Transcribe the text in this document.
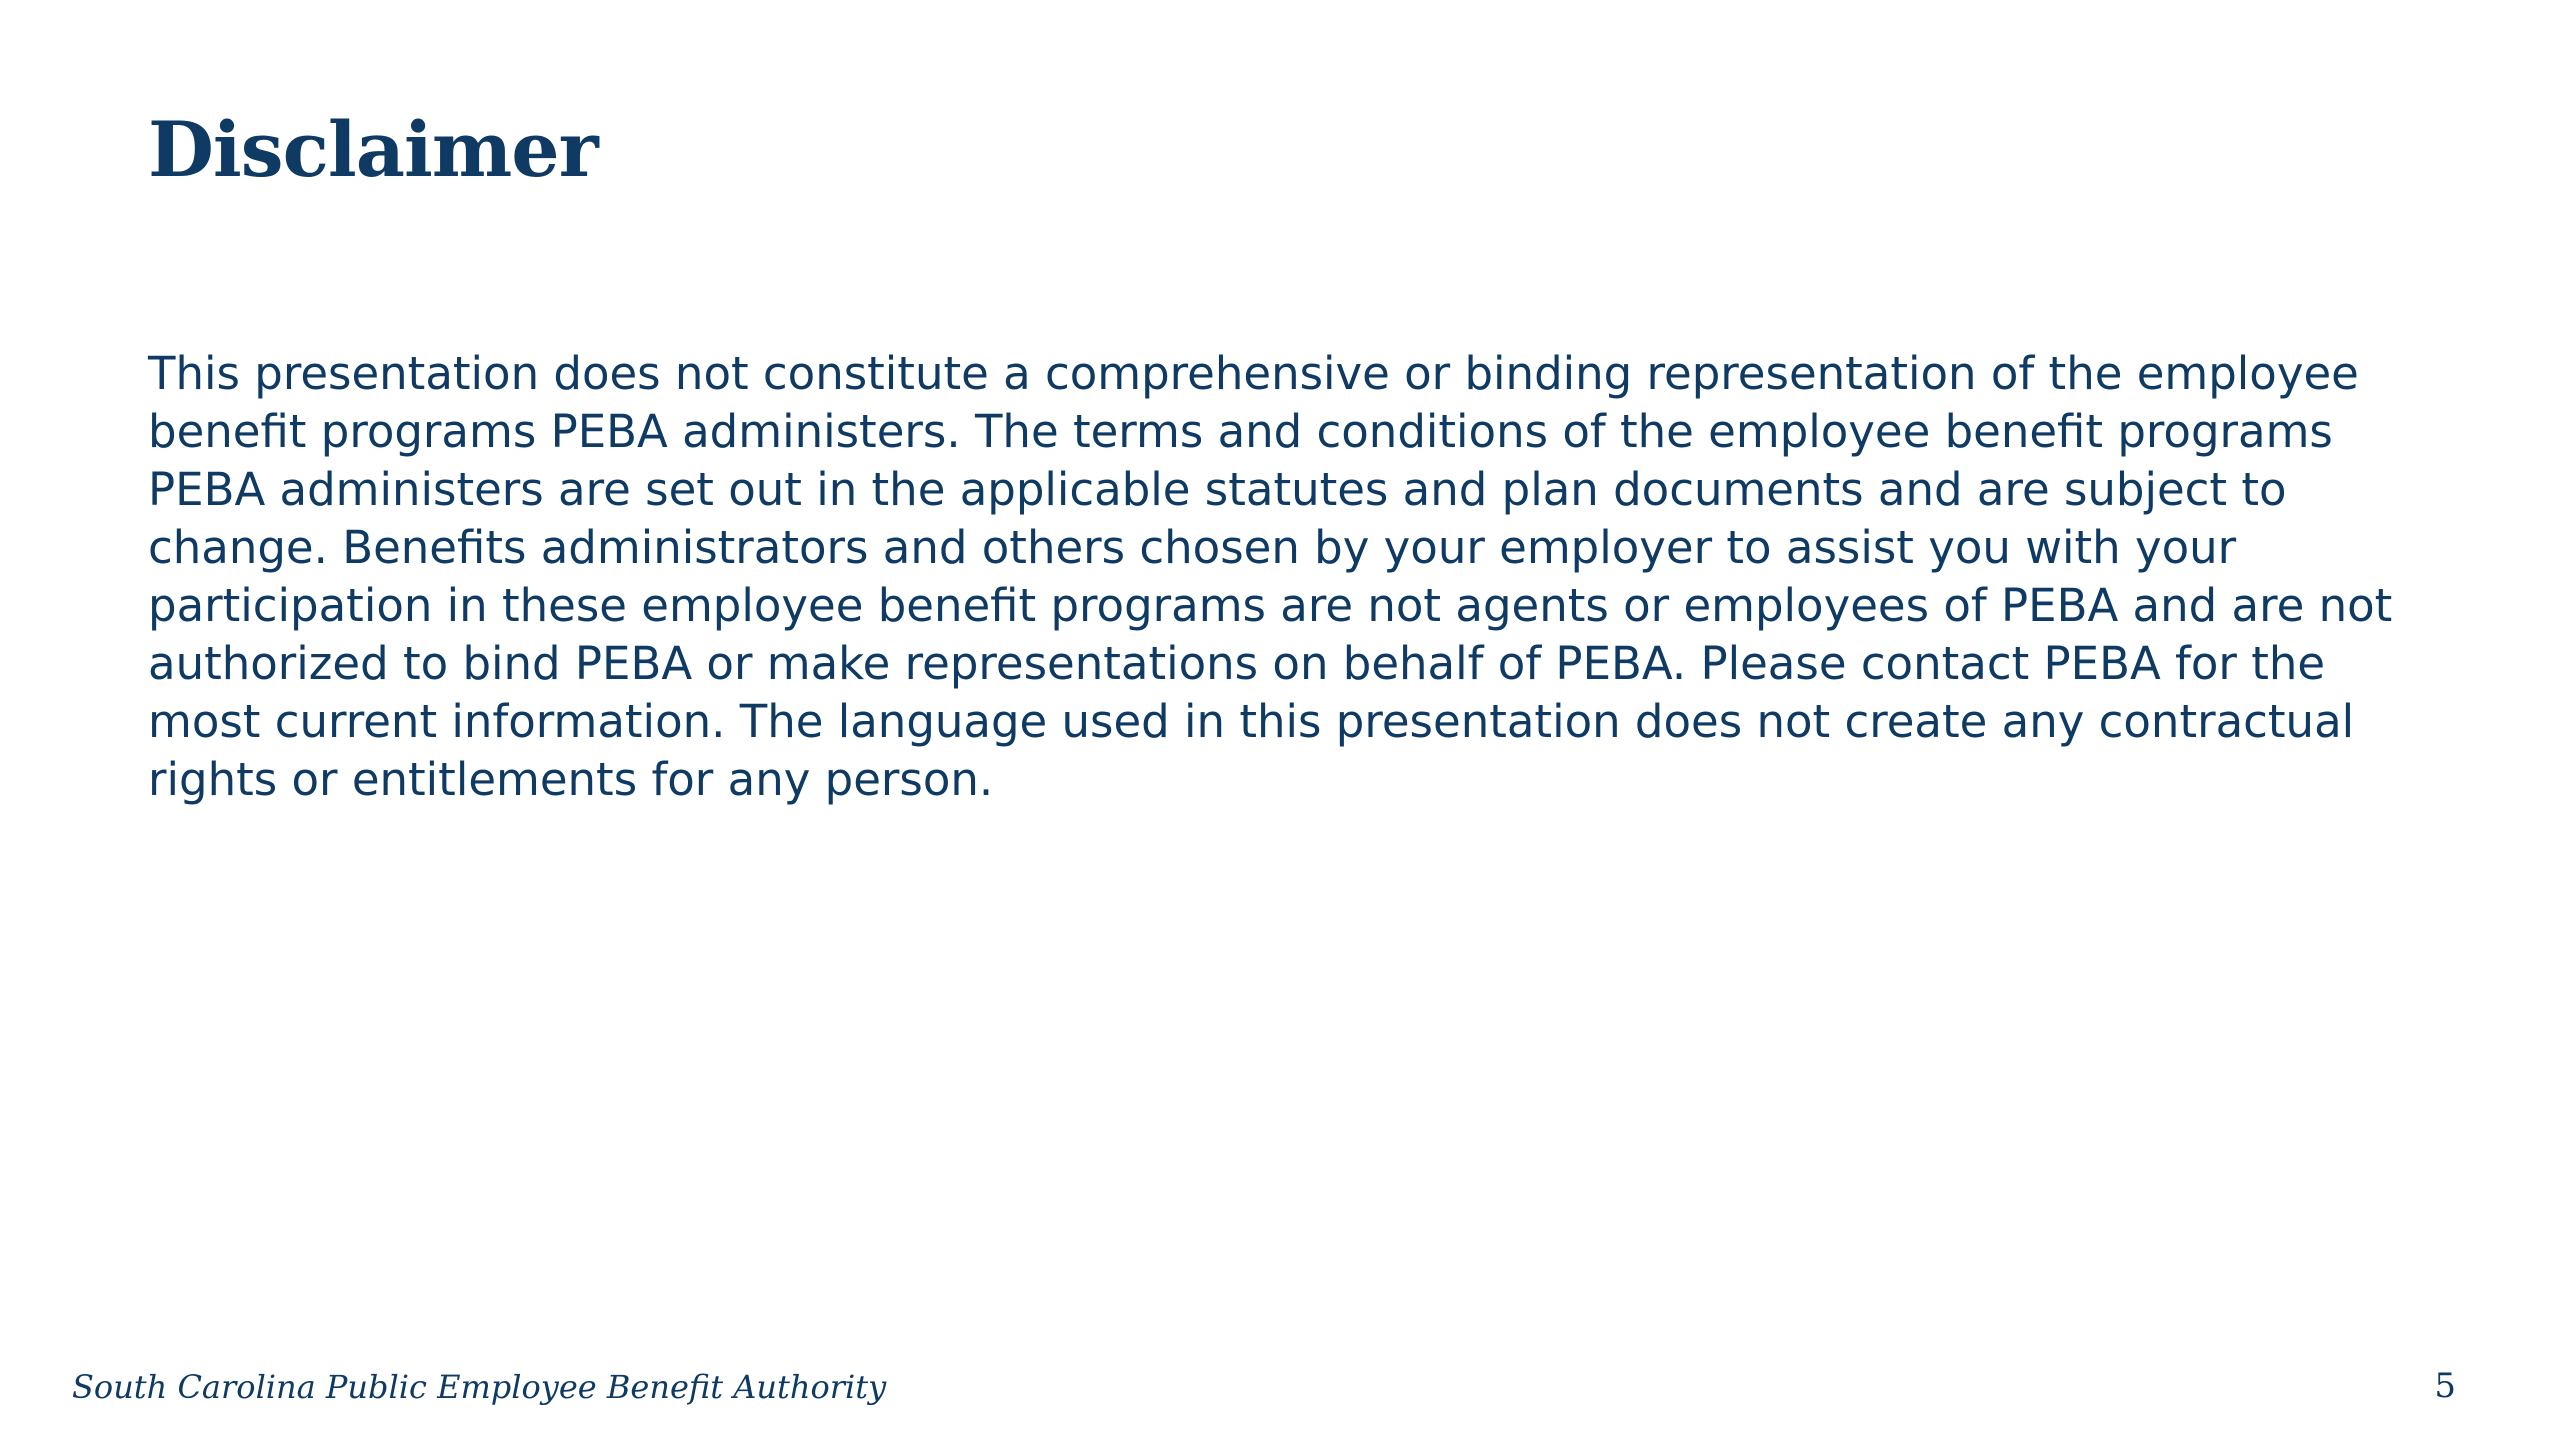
Disclaimer

This presentation does not constitute a comprehensive or binding representation of the employee benefit programs PEBA administers. The terms and conditions of the employee benefit programs PEBA administers are set out in the applicable statutes and plan documents and are subject to change. Benefits administrators and others chosen by your employer to assist you with your participation in these employee benefit programs are not agents or employees of PEBA and are not authorized to bind PEBA or make representations on behalf of PEBA. Please contact PEBA for the most current information. The language used in this presentation does not create any contractual rights or entitlements for any person.

South Carolina Public Employee Benefit Authority	5
